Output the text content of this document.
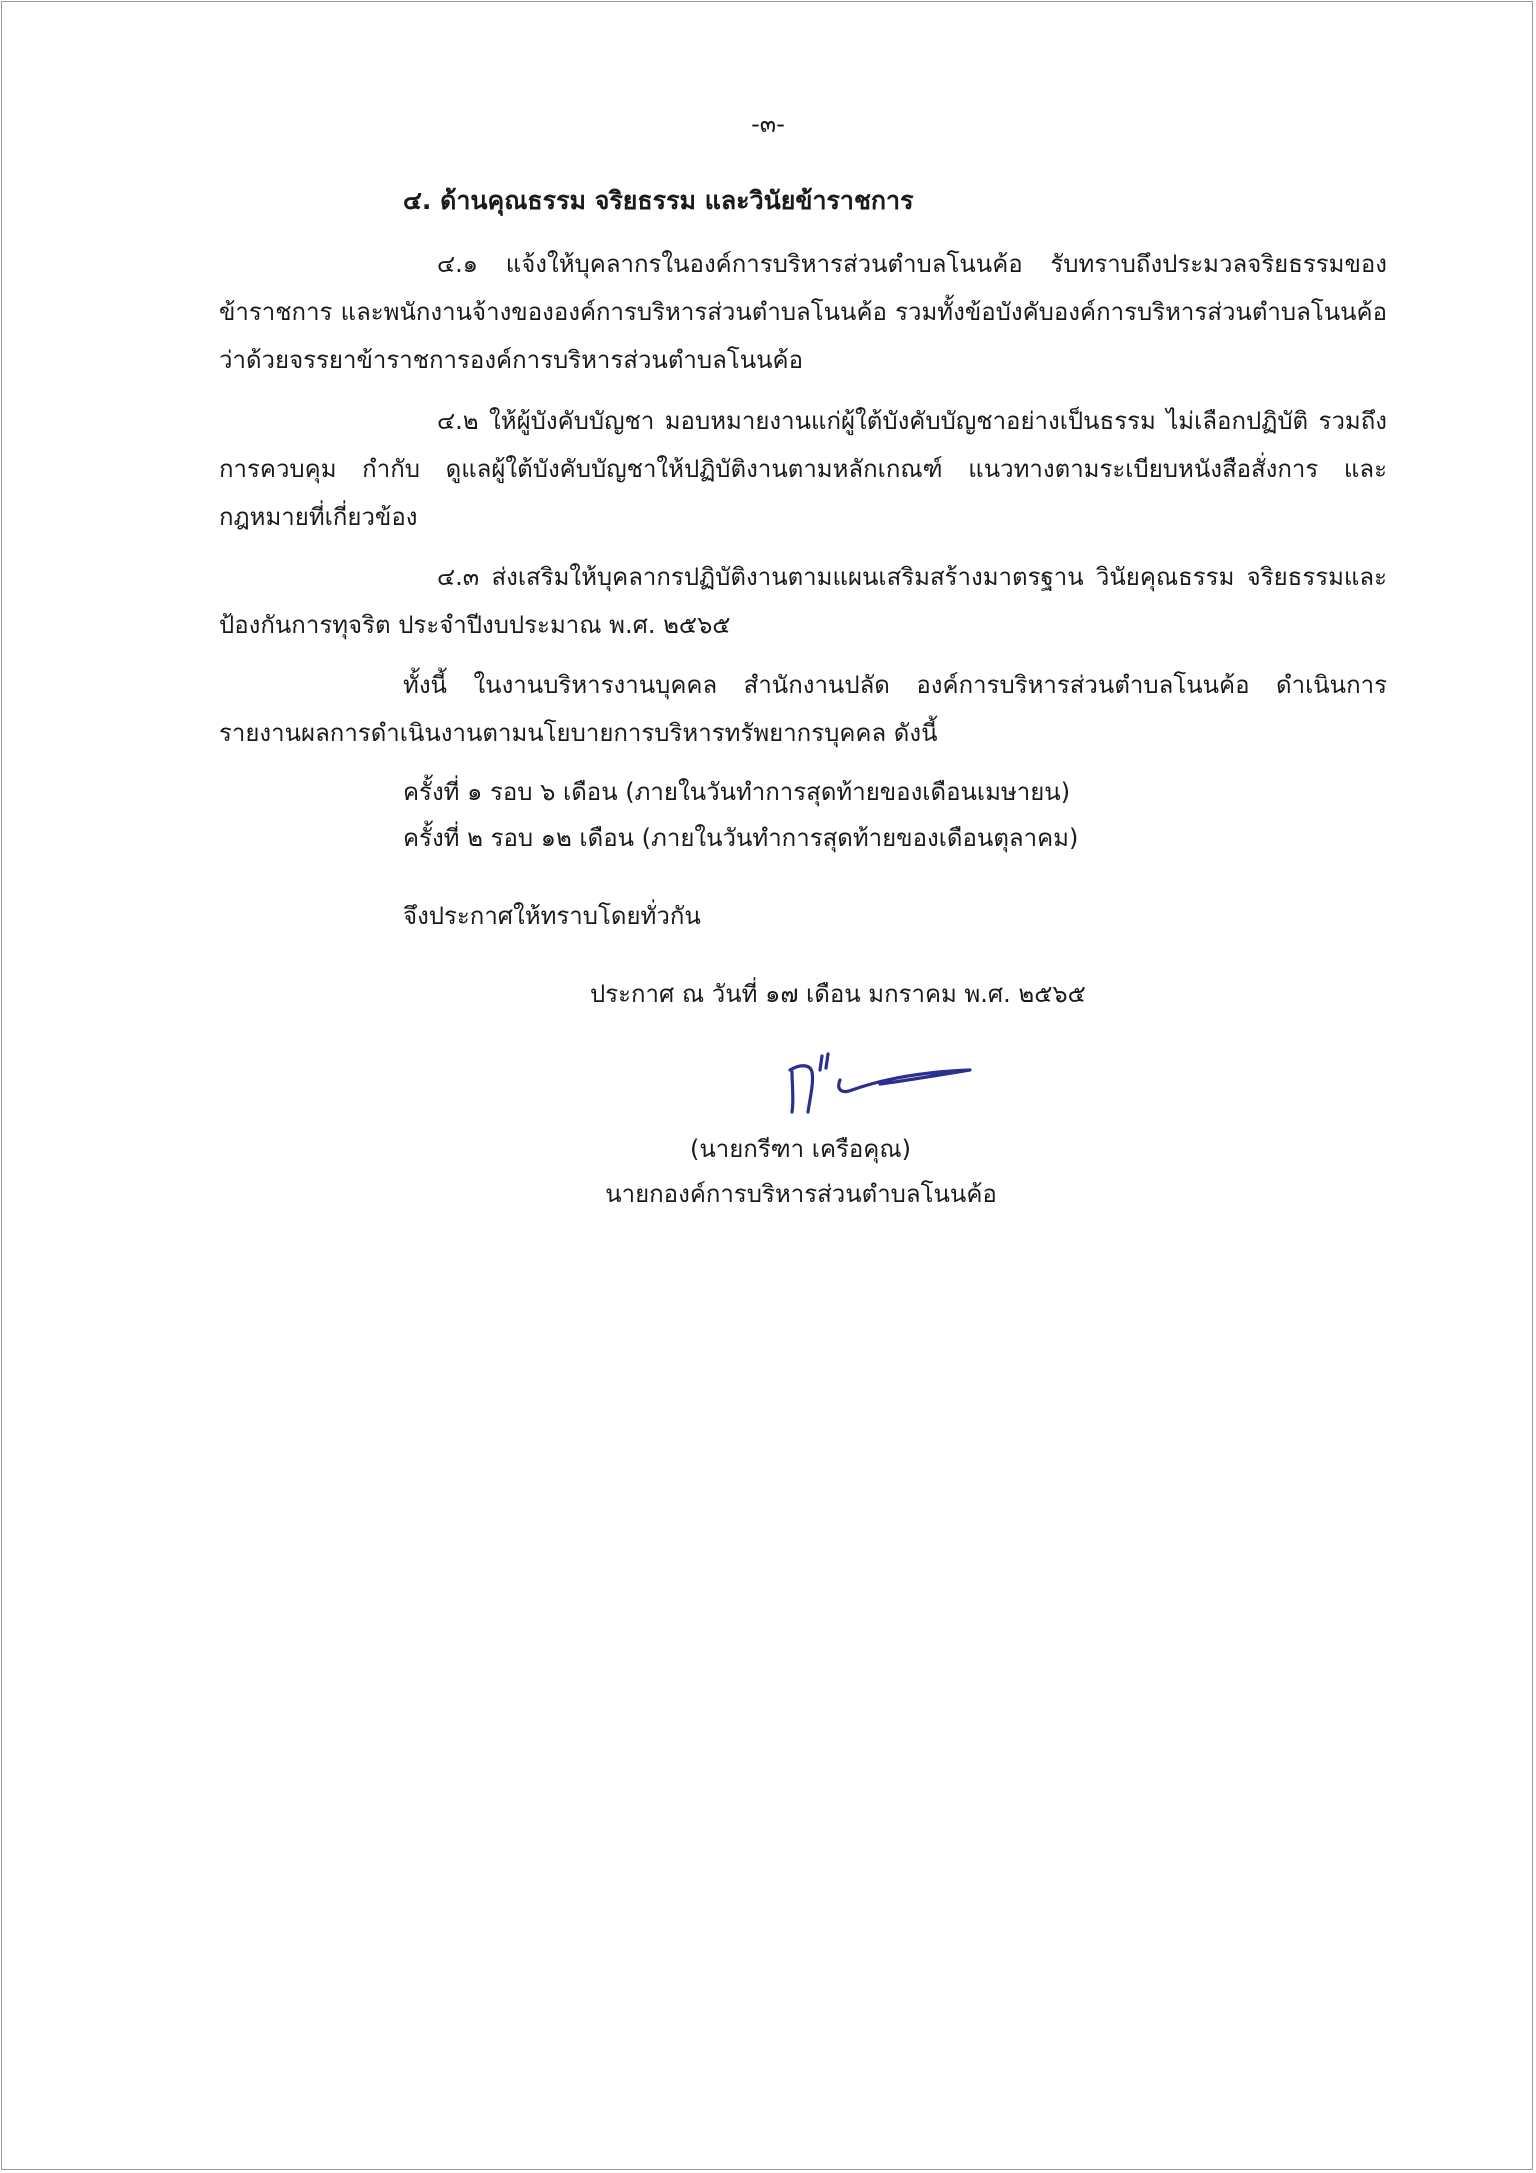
-๓-
๔. ด้านคุณธรรม จริยธรรม และวินัยข้าราชการ
๔.๑ แจ้งให้บุคลากรในองค์การบริหารส่วนตำบลโนนค้อ รับทราบถึงประมวลจริยธรรมของข้าราชการ และพนักงานจ้างขององค์การบริหารส่วนตำบลโนนค้อ รวมทั้งข้อบังคับองค์การบริหารส่วนตำบลโนนค้อ ว่าด้วยจรรยาข้าราชการองค์การบริหารส่วนตำบลโนนค้อ
๔.๒ ให้ผู้บังคับบัญชา มอบหมายงานแก่ผู้ใต้บังคับบัญชาอย่างเป็นธรรม ไม่เลือกปฏิบัติ รวมถึงการควบคุม กำกับ ดูแลผู้ใต้บังคับบัญชาให้ปฏิบัติงานตามหลักเกณฑ์ แนวทางตามระเบียบหนังสือสั่งการ และกฎหมายที่เกี่ยวข้อง
๔.๓ ส่งเสริมให้บุคลากรปฏิบัติงานตามแผนเสริมสร้างมาตรฐาน วินัยคุณธรรม จริยธรรมและป้องกันการทุจริต ประจำปีงบประมาณ พ.ศ. ๒๕๖๕
ทั้งนี้ ในงานบริหารงานบุคคล สำนักงานปลัด องค์การบริหารส่วนตำบลโนนค้อ ดำเนินการรายงานผลการดำเนินงานตามนโยบายการบริหารทรัพยากรบุคคล ดังนี้
ครั้งที่ ๑ รอบ ๖ เดือน (ภายในวันทำการสุดท้ายของเดือนเมษายน)
ครั้งที่ ๒ รอบ ๑๒ เดือน (ภายในวันทำการสุดท้ายของเดือนตุลาคม)
จึงประกาศให้ทราบโดยทั่วกัน
ประกาศ ณ วันที่ ๑๗ เดือน มกราคม พ.ศ. ๒๕๖๕
(นายกรีฑา เครือคุณ)
นายกองค์การบริหารส่วนตำบลโนนค้อ
